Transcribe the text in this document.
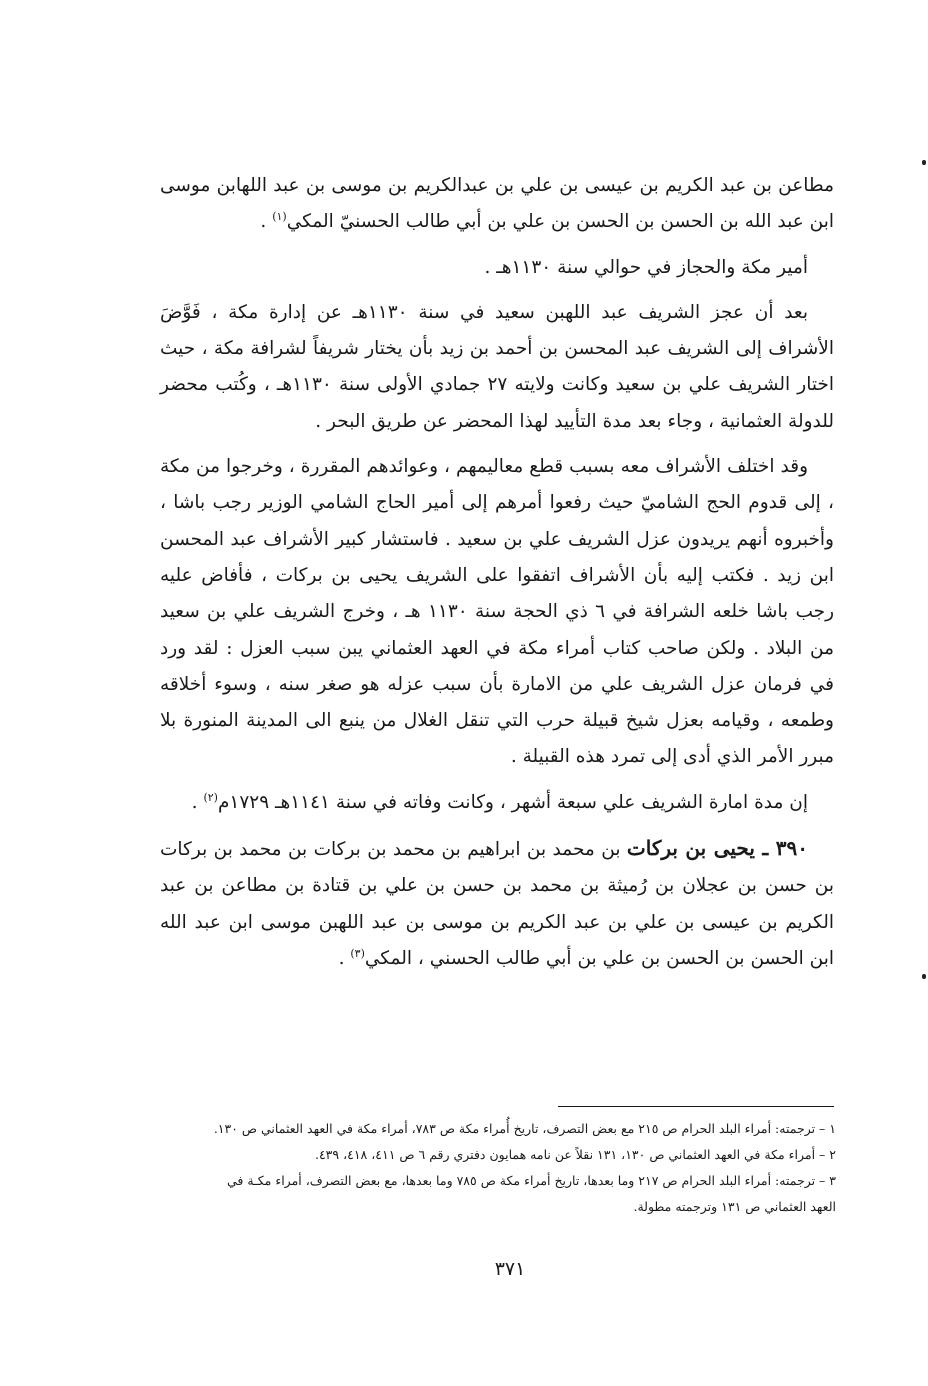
مطاعن بن عبد الكريم بن عيسى بن علي بن عبدالكريم بن موسى بن عبد اللهابن موسى ابن عبد الله بن الحسن بن الحسن بن علي بن أبي طالب الحسنيّ المكي$^{(١)}$ .

أمير مكة والحجاز في حوالي سنة ١١٣٠هـ .

بعد أن عجز الشريف عبد اللهبن سعيد في سنة ١١٣٠هـ عن إدارة مكة ، فَوَّضَ الأشراف إلى الشريف عبد المحسن بن أحمد بن زيد بأن يختار شريفاً لشرافة مكة ، حيث اختار الشريف علي بن سعيد وكانت ولايته ٢٧ جمادي الأولى سنة ١١٣٠هـ ، وكُتب محضر للدولة العثمانية ، وجاء بعد مدة التأييد لهذا المحضر عن طريق البحر .

وقد اختلف الأشراف معه بسبب قطع معاليمهم ، وعوائدهم المقررة ، وخرجوا من مكة ، إلى قدوم الحج الشاميّ حيث رفعوا أمرهم إلى أمير الحاج الشامي الوزير رجب باشا ، وأخبروه أنهم يريدون عزل الشريف علي بن سعيد . فاستشار كبير الأشراف عبد المحسن ابن زيد . فكتب إليه بأن الأشراف اتفقوا على الشريف يحيى بن بركات ، فأفاض عليه رجب باشا خلعه الشرافة في ٦ ذي الحجة سنة ١١٣٠ هـ ، وخرج الشريف علي بن سعيد من البلاد . ولكن صاحب كتاب أمراء مكة في العهد العثماني يبن سبب العزل : لقد ورد في فرمان عزل الشريف علي من الامارة بأن سبب عزله هو صغر سنه ، وسوء أخلاقه وطمعه ، وقيامه بعزل شيخ قبيلة حرب التي تنقل الغلال من ينبع الى المدينة المنورة بلا مبرر الأمر الذي أدى إلى تمرد هذه القبيلة .

إن مدة امارة الشريف علي سبعة أشهر ، وكانت وفاته في سنة ١١٤١هـ ١٧٢٩م$^{(٢)}$ .

٣٩٠ ـ يحيى بن بركات بن محمد بن ابراهيم بن محمد بن بركات بن محمد بن بركات بن حسن بن عجلان بن رُميثة بن محمد بن حسن بن علي بن قتادة بن مطاعن بن عبد الكريم بن عيسى بن علي بن عبد الكريم بن موسى بن عبد اللهبن موسى ابن عبد الله ابن الحسن بن الحسن بن علي بن أبي طالب الحسني ، المكي$^{(٣)}$ .

١ – ترجمته: أمراء البلد الحرام ص ٢١٥ مع بعض التصرف، تاريخ أُمراء مكة ص ٧٨٣، أمراء مكة في العهد العثماني ص ١٣٠.

٢ – أمراء مكة في العهد العثماني ص ١٣٠، ١٣١ نقلاً عن نامه همايون دفتري رقم ٦ ص ٤١١، ٤١٨، ٤٣٩.

٣ – ترجمته: أمراء البلد الحرام ص ٢١٧ وما بعدها، تاريخ أمراء مكة ص ٧٨٥ وما بعدها، مع بعض التصرف، أمراء مكـة في

العهد العثماني ص ١٣١ وترجمته مطولة.

٣٧١
